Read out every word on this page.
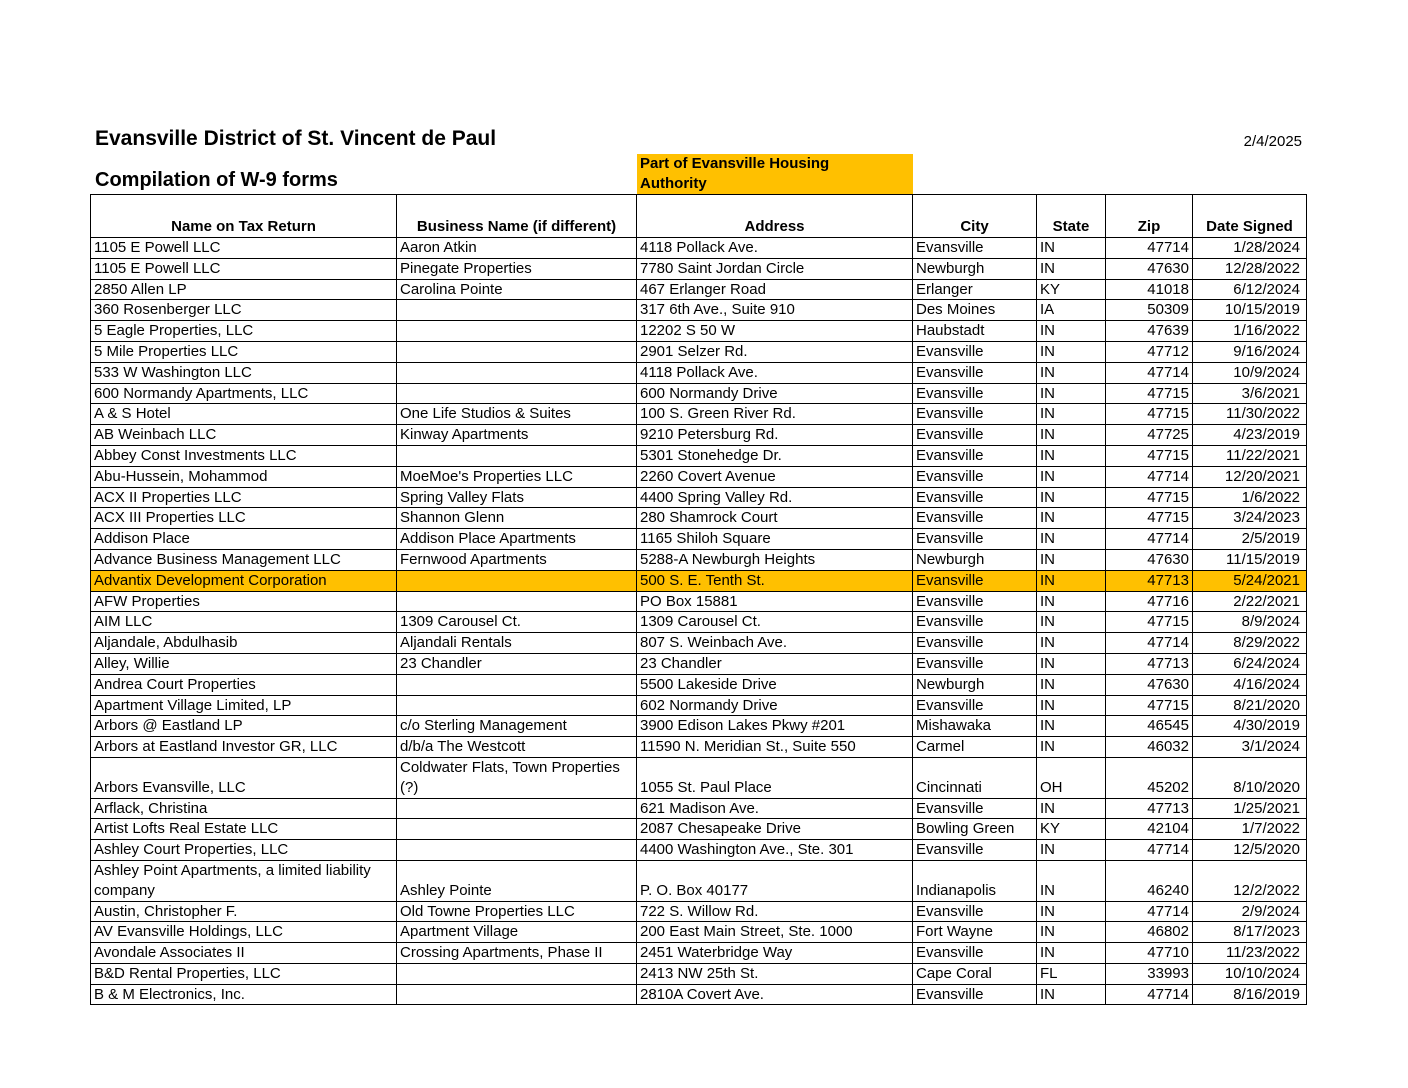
Evansville District of St. Vincent de Paul
Compilation of W-9 forms
2/4/2025
Part of Evansville Housing
Authority
Name on Tax Return	Business Name (if different)	Address	City	State	Zip	Date Signed
1105 E Powell LLC	Aaron Atkin	4118 Pollack Ave.	Evansville	IN	47714	1/28/2024
1105 E Powell LLC	Pinegate Properties	7780 Saint Jordan Circle	Newburgh	IN	47630	12/28/2022
2850 Allen LP	Carolina Pointe	467 Erlanger Road	Erlanger	KY	41018	6/12/2024
360 Rosenberger LLC		317 6th Ave., Suite 910	Des Moines	IA	50309	10/15/2019
5 Eagle Properties, LLC		12202 S 50 W	Haubstadt	IN	47639	1/16/2022
5 Mile Properties LLC		2901 Selzer Rd.	Evansville	IN	47712	9/16/2024
533 W Washington LLC		4118 Pollack Ave.	Evansville	IN	47714	10/9/2024
600 Normandy Apartments, LLC		600 Normandy Drive	Evansville	IN	47715	3/6/2021
A & S Hotel	One Life Studios & Suites	100 S. Green River Rd.	Evansville	IN	47715	11/30/2022
AB Weinbach LLC	Kinway Apartments	9210 Petersburg Rd.	Evansville	IN	47725	4/23/2019
Abbey Const Investments LLC		5301 Stonehedge Dr.	Evansville	IN	47715	11/22/2021
Abu-Hussein, Mohammod	MoeMoe's Properties LLC	2260 Covert Avenue	Evansville	IN	47714	12/20/2021
ACX II Properties LLC	Spring Valley Flats	4400 Spring Valley Rd.	Evansville	IN	47715	1/6/2022
ACX III Properties LLC	Shannon Glenn	280 Shamrock Court	Evansville	IN	47715	3/24/2023
Addison Place	Addison Place Apartments	1165 Shiloh Square	Evansville	IN	47714	2/5/2019
Advance Business Management LLC	Fernwood Apartments	5288-A Newburgh Heights	Newburgh	IN	47630	11/15/2019
Advantix Development Corporation		500 S. E. Tenth St.	Evansville	IN	47713	5/24/2021
AFW Properties		PO Box 15881	Evansville	IN	47716	2/22/2021
AIM LLC	1309 Carousel Ct.	1309 Carousel Ct.	Evansville	IN	47715	8/9/2024
Aljandale, Abdulhasib	Aljandali Rentals	807 S. Weinbach Ave.	Evansville	IN	47714	8/29/2022
Alley, Willie	23 Chandler	23 Chandler	Evansville	IN	47713	6/24/2024
Andrea Court Properties		5500 Lakeside Drive	Newburgh	IN	47630	4/16/2024
Apartment Village Limited, LP		602 Normandy Drive	Evansville	IN	47715	8/21/2020
Arbors @ Eastland LP	c/o Sterling Management	3900 Edison Lakes Pkwy #201	Mishawaka	IN	46545	4/30/2019
Arbors at Eastland Investor GR, LLC	d/b/a The Westcott	11590 N. Meridian St., Suite 550	Carmel	IN	46032	3/1/2024
Arbors Evansville, LLC	Coldwater Flats, Town Properties (?)	1055 St. Paul Place	Cincinnati	OH	45202	8/10/2020
Arflack, Christina		621 Madison Ave.	Evansville	IN	47713	1/25/2021
Artist Lofts Real Estate LLC		2087 Chesapeake Drive	Bowling Green	KY	42104	1/7/2022
Ashley Court Properties, LLC		4400 Washington Ave., Ste. 301	Evansville	IN	47714	12/5/2020
Ashley Point Apartments, a limited liability company	Ashley Pointe	P. O. Box 40177	Indianapolis	IN	46240	12/2/2022
Austin, Christopher F.	Old Towne Properties LLC	722 S. Willow Rd.	Evansville	IN	47714	2/9/2024
AV Evansville Holdings, LLC	Apartment Village	200 East Main Street, Ste. 1000	Fort Wayne	IN	46802	8/17/2023
Avondale Associates II	Crossing Apartments, Phase II	2451 Waterbridge Way	Evansville	IN	47710	11/23/2022
B&D Rental Properties, LLC		2413 NW 25th St.	Cape Coral	FL	33993	10/10/2024
B & M Electronics, Inc.		2810A Covert Ave.	Evansville	IN	47714	8/16/2019
